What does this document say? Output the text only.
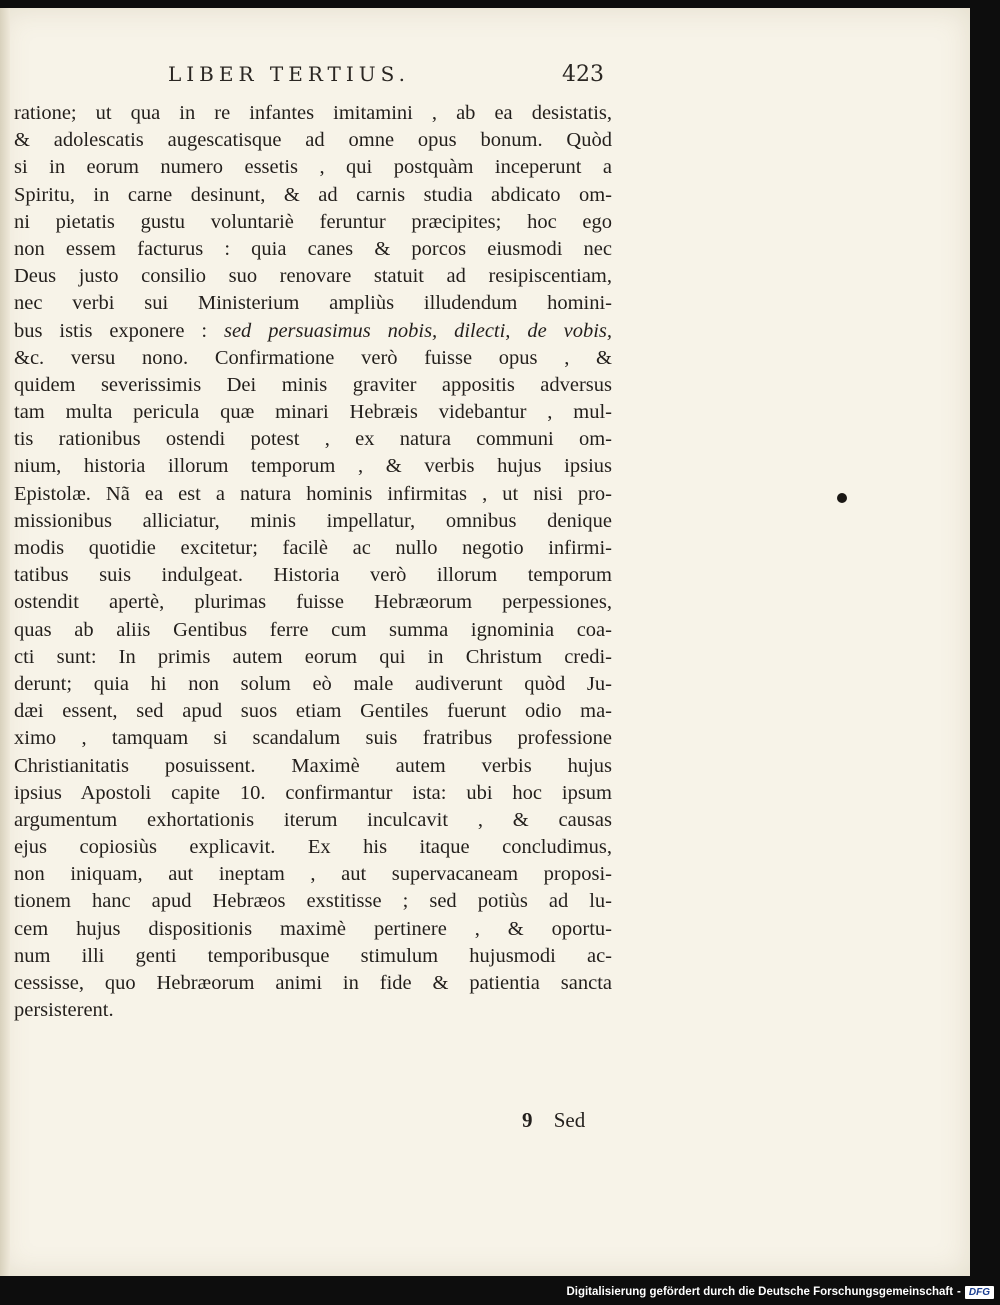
LIBER TERTIUS.	423
ratione; ut qua in re infantes imitamini , ab ea desistatis,
& adolescatis augescatisque ad omne opus bonum. Quòd
si in eorum numero essetis , qui postquàm inceperunt a
Spiritu, in carne desinunt, & ad carnis studia abdicato om-
ni pietatis gustu voluntariè feruntur præcipites; hoc ego
non essem facturus : quia canes & porcos eiusmodi nec
Deus justo consilio suo renovare statuit ad resipiscentiam,
nec verbi sui Ministerium ampliùs illudendum homini-
bus istis exponere : sed persuasimus nobis, dilecti, de vobis,
&c. versu nono. Confirmatione verò fuisse opus , &
quidem severissimis Dei minis graviter appositis adversus
tam multa pericula quæ minari Hebræis videbantur , mul-
tis rationibus ostendi potest , ex natura communi om-
nium, historia illorum temporum , & verbis hujus ipsius
Epistolæ. Nã ea est a natura hominis infirmitas , ut nisi pro-
missionibus alliciatur, minis impellatur, omnibus denique
modis quotidie excitetur; facilè ac nullo negotio infirmi-
tatibus suis indulgeat. Historia verò illorum temporum
ostendit apertè, plurimas fuisse Hebræorum perpessiones,
quas ab aliis Gentibus ferre cum summa ignominia coa-
cti sunt: In primis autem eorum qui in Christum credi-
derunt; quia hi non solum eò male audiverunt quòd Ju-
dæi essent, sed apud suos etiam Gentiles fuerunt odio ma-
ximo , tamquam si scandalum suis fratribus professione
Christianitatis posuissent. Maximè autem verbis hujus
ipsius Apostoli capite 10. confirmantur ista: ubi hoc ipsum
argumentum exhortationis iterum inculcavit , & causas
ejus copiosiùs explicavit. Ex his itaque concludimus,
non iniquam, aut ineptam , aut supervacaneam proposi-
tionem hanc apud Hebræos exstitisse ; sed potiùs ad lu-
cem hujus dispositionis maximè pertinere , & oportu-
num illi genti temporibusque stimulum hujusmodi ac-
cessisse, quo Hebræorum animi in fide & patientia sancta
persisterent.
9 Sed
Digitalisierung gefördert durch die Deutsche Forschungsgemeinschaft - DFG
